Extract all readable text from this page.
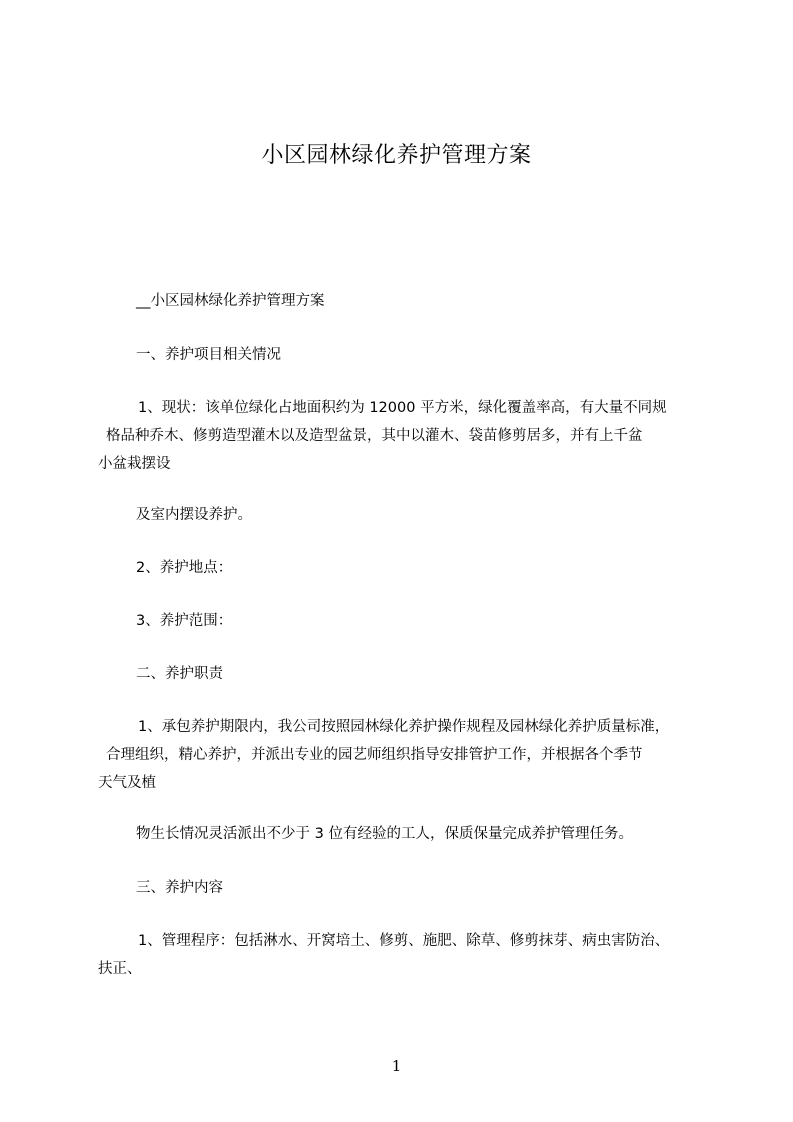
小区园林绿化养护管理方案
__小区园林绿化养护管理方案
一、养护项目相关情况
1、现状：该单位绿化占地面积约为 12000 平方米，绿化覆盖率高，有大量不同规
格品种乔木、修剪造型灌木以及造型盆景，其中以灌木、袋苗修剪居多，并有上千盆
小盆栽摆设
及室内摆设养护。
2、养护地点：
3、养护范围：
二、养护职责
1、承包养护期限内，我公司按照园林绿化养护操作规程及园林绿化养护质量标准，
合理组织，精心养护，并派出专业的园艺师组织指导安排管护工作，并根据各个季节
天气及植
物生长情况灵活派出不少于 3 位有经验的工人，保质保量完成养护管理任务。
三、养护内容
1、管理程序：包括淋水、开窝培土、修剪、施肥、除草、修剪抹芽、病虫害防治、
扶正、
1
